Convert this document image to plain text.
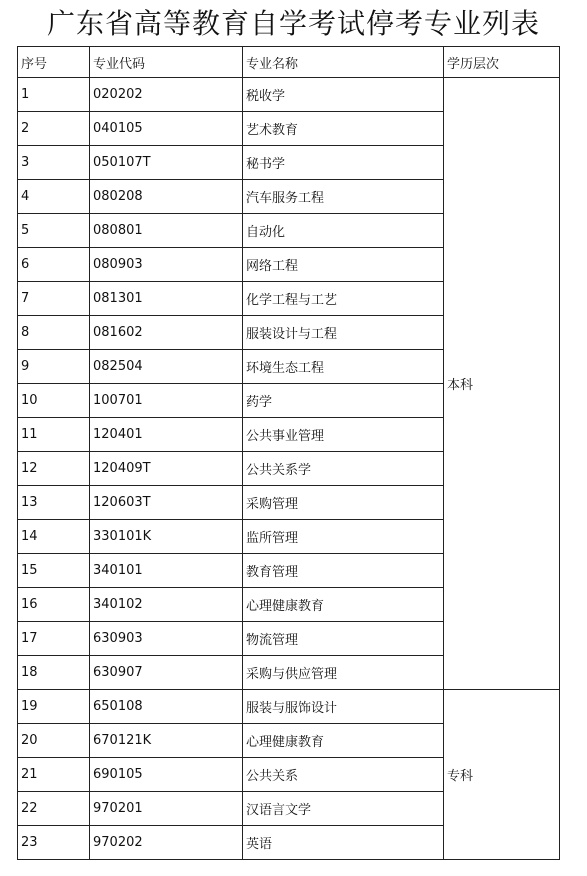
广东省高等教育自学考试停考专业列表
序号	专业代码	专业名称	学历层次
1	020202	税收学	本科
2	040105	艺术教育	
3	050107T	秘书学	
4	080208	汽车服务工程	
5	080801	自动化	
6	080903	网络工程	
7	081301	化学工程与工艺	
8	081602	服装设计与工程	
9	082504	环境生态工程	
10	100701	药学	
11	120401	公共事业管理	
12	120409T	公共关系学	
13	120603T	采购管理	
14	330101K	监所管理	
15	340101	教育管理	
16	340102	心理健康教育	
17	630903	物流管理	
18	630907	采购与供应管理	
19	650108	服装与服饰设计	专科
20	670121K	心理健康教育	
21	690105	公共关系	
22	970201	汉语言文学	
23	970202	英语	
